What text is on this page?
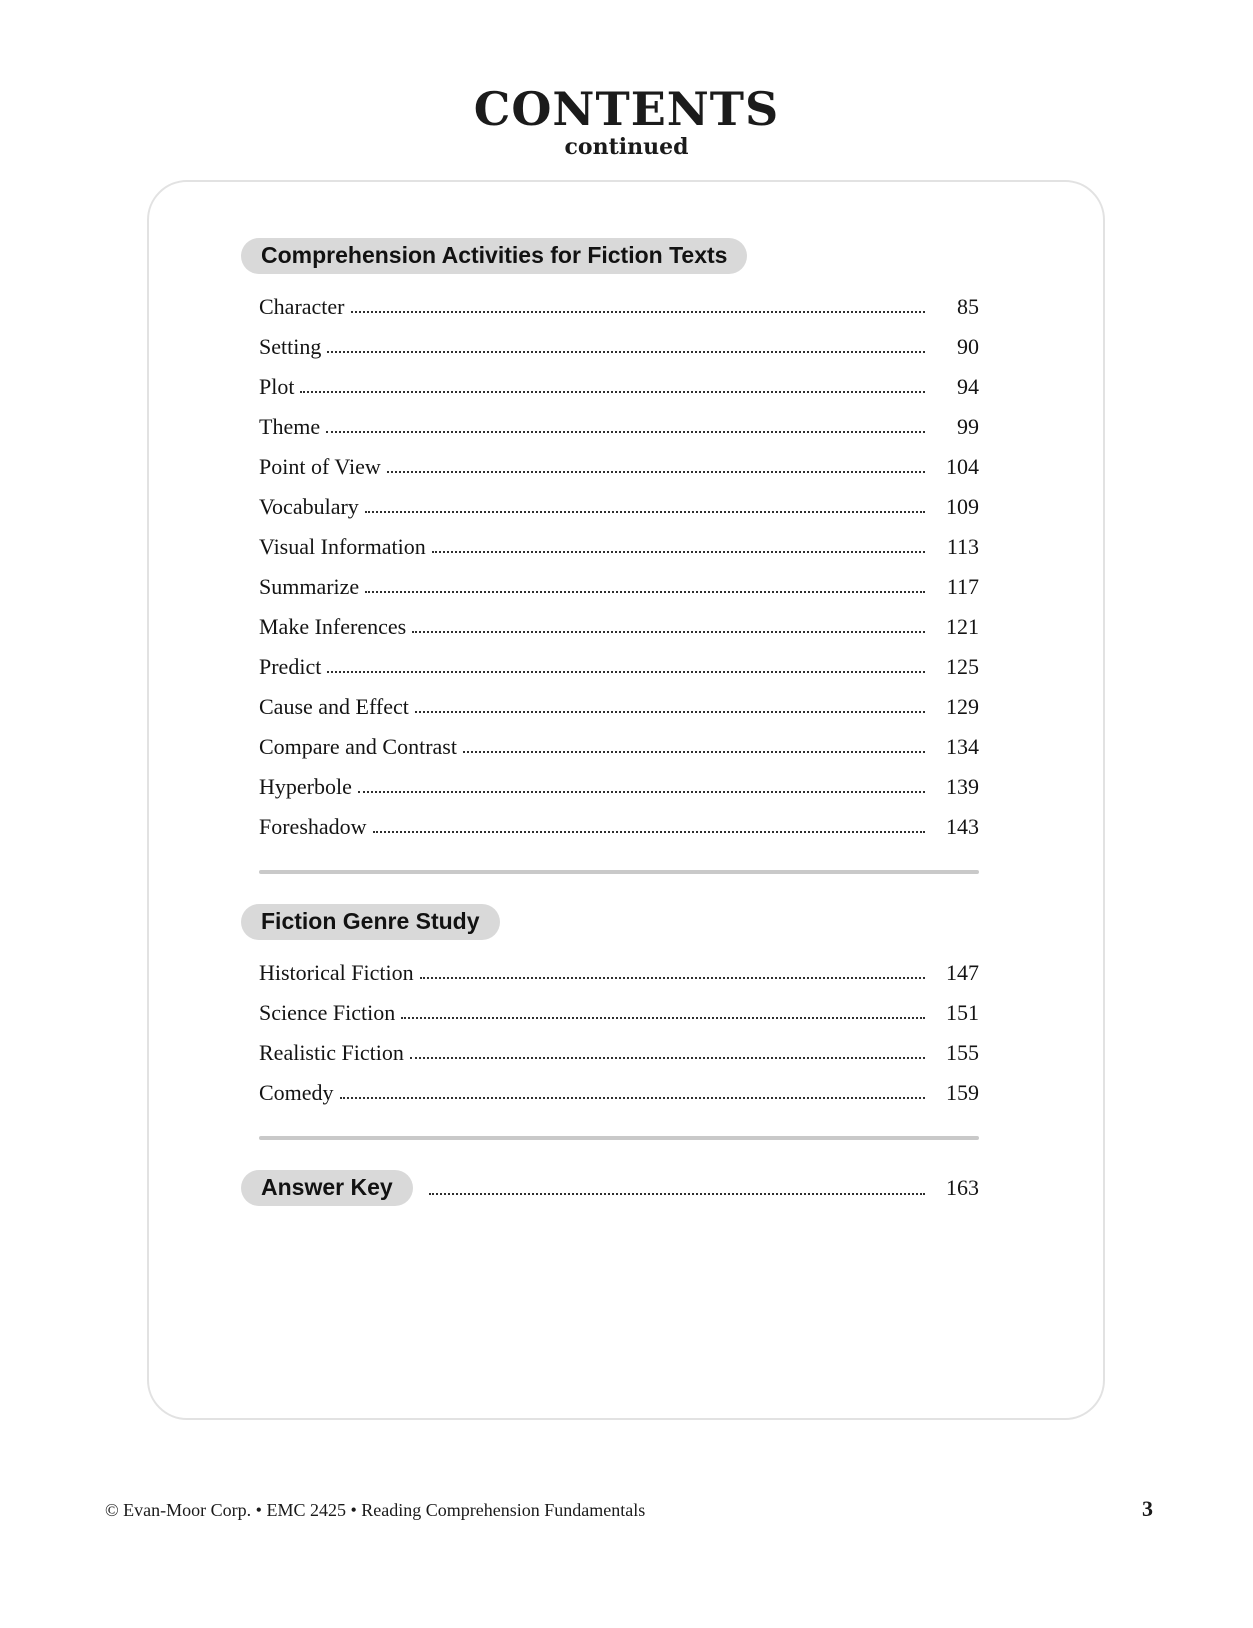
CONTENTS
continued
Comprehension Activities for Fiction Texts
Character	85
Setting	90
Plot	94
Theme	99
Point of View	104
Vocabulary	109
Visual Information	113
Summarize	117
Make Inferences	121
Predict	125
Cause and Effect	129
Compare and Contrast	134
Hyperbole	139
Foreshadow	143
Fiction Genre Study
Historical Fiction	147
Science Fiction	151
Realistic Fiction	155
Comedy	159
Answer Key	163
© Evan-Moor Corp. • EMC 2425 • Reading Comprehension Fundamentals	3
